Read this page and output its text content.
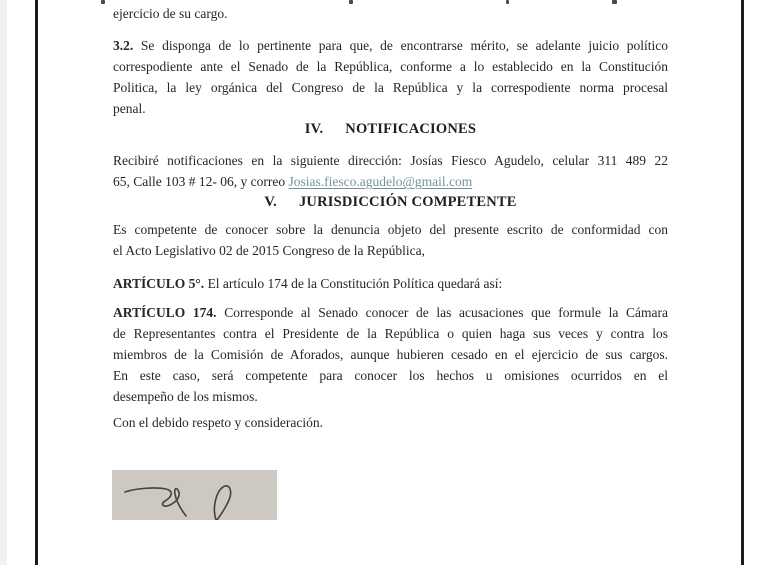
ejercicio de su cargo.
3.2. Se disponga de lo pertinente para que, de encontrarse mérito, se adelante juicio político
correspodiente ante el Senado de la República, conforme a lo establecido en la Constitución
Politica, la ley orgánica del Congreso de la República y la correspodiente norma procesal
penal.
IV. NOTIFICACIONES
Recibiré notificaciones en la siguiente dirección: Josías Fiesco Agudelo, celular 311 489 22
65, Calle 103 # 12- 06, y correo Josias.fiesco.agudelo@gmail.com
V. JURISDICCIÓN COMPETENTE
Es competente de conocer sobre la denuncia objeto del presente escrito de conformidad con
el Acto Legislativo 02 de 2015 Congreso de la República,
ARTÍCULO 5°. El artículo 174 de la Constitución Política quedará así:
ARTÍCULO 174. Corresponde al Senado conocer de las acusaciones que formule la Cámara
de Representantes contra el Presidente de la República o quien haga sus veces y contra los
miembros de la Comisión de Aforados, aunque hubieren cesado en el ejercicio de sus cargos.
En este caso, será competente para conocer los hechos u omisiones ocurridos en el
desempeño de los mismos.
Con el debido respeto y consideración.
